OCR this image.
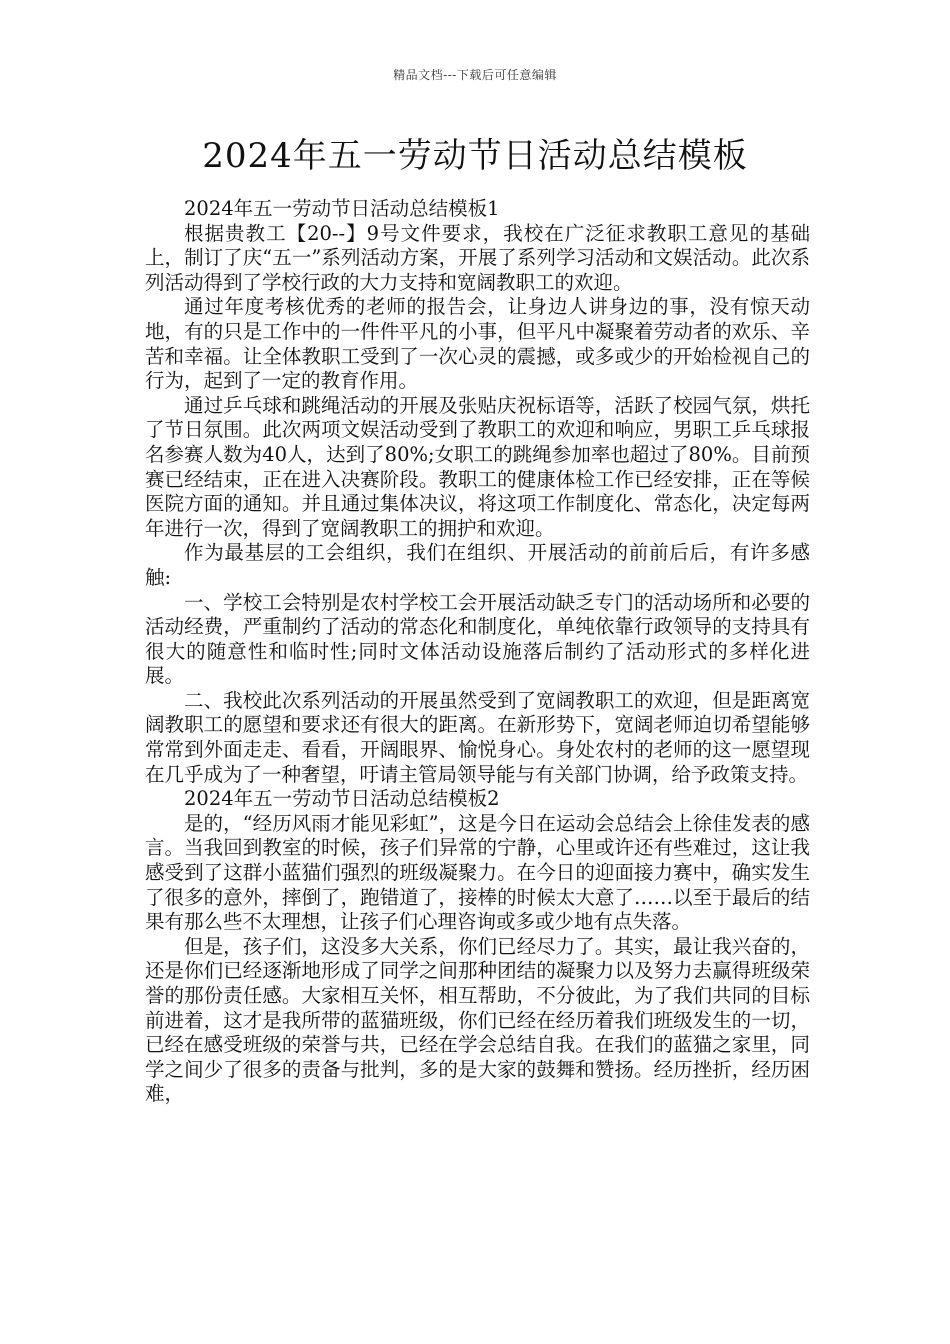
精品文档---下载后可任意编辑
2024年五一劳动节日活动总结模板

2024年五一劳动节日活动总结模板1

根据贵教工【20--】9号文件要求，我校在广泛征求教职工意见的基础上，制订了庆“五一”系列活动方案，开展了系列学习活动和文娱活动。此次系列活动得到了学校行政的大力支持和宽阔教职工的欢迎。

通过年度考核优秀的老师的报告会，让身边人讲身边的事，没有惊天动地，有的只是工作中的一件件平凡的小事，但平凡中凝聚着劳动者的欢乐、辛苦和幸福。让全体教职工受到了一次心灵的震撼，或多或少的开始检视自己的行为，起到了一定的教育作用。

通过乒乓球和跳绳活动的开展及张贴庆祝标语等，活跃了校园气氛，烘托了节日氛围。此次两项文娱活动受到了教职工的欢迎和响应，男职工乒乓球报名参赛人数为40人，达到了80%;女职工的跳绳参加率也超过了80%。目前预赛已经结束，正在进入决赛阶段。教职工的健康体检工作已经安排，正在等候医院方面的通知。并且通过集体决议，将这项工作制度化、常态化，决定每两年进行一次，得到了宽阔教职工的拥护和欢迎。

作为最基层的工会组织，我们在组织、开展活动的前前后后，有许多感触:

一、学校工会特别是农村学校工会开展活动缺乏专门的活动场所和必要的活动经费，严重制约了活动的常态化和制度化，单纯依靠行政领导的支持具有很大的随意性和临时性;同时文体活动设施落后制约了活动形式的多样化进展。

二、我校此次系列活动的开展虽然受到了宽阔教职工的欢迎，但是距离宽阔教职工的愿望和要求还有很大的距离。在新形势下，宽阔老师迫切希望能够常常到外面走走、看看，开阔眼界、愉悦身心。身处农村的老师的这一愿望现在几乎成为了一种奢望，吁请主管局领导能与有关部门协调，给予政策支持。

2024年五一劳动节日活动总结模板2

是的，“经历风雨才能见彩虹”，这是今日在运动会总结会上徐佳发表的感言。当我回到教室的时候，孩子们异常的宁静，心里或许还有些难过，这让我感受到了这群小蓝猫们强烈的班级凝聚力。在今日的迎面接力赛中，确实发生了很多的意外，摔倒了，跑错道了，接棒的时候太大意了……以至于最后的结果有那么些不太理想，让孩子们心理咨询或多或少地有点失落。

但是，孩子们，这没多大关系，你们已经尽力了。其实，最让我兴奋的，还是你们已经逐渐地形成了同学之间那种团结的凝聚力以及努力去赢得班级荣誉的那份责任感。大家相互关怀，相互帮助，不分彼此，为了我们共同的目标前进着，这才是我所带的蓝猫班级，你们已经在经历着我们班级发生的一切，已经在感受班级的荣誉与共，已经在学会总结自我。在我们的蓝猫之家里，同学之间少了很多的责备与批判，多的是大家的鼓舞和赞扬。经历挫折，经历困难，
